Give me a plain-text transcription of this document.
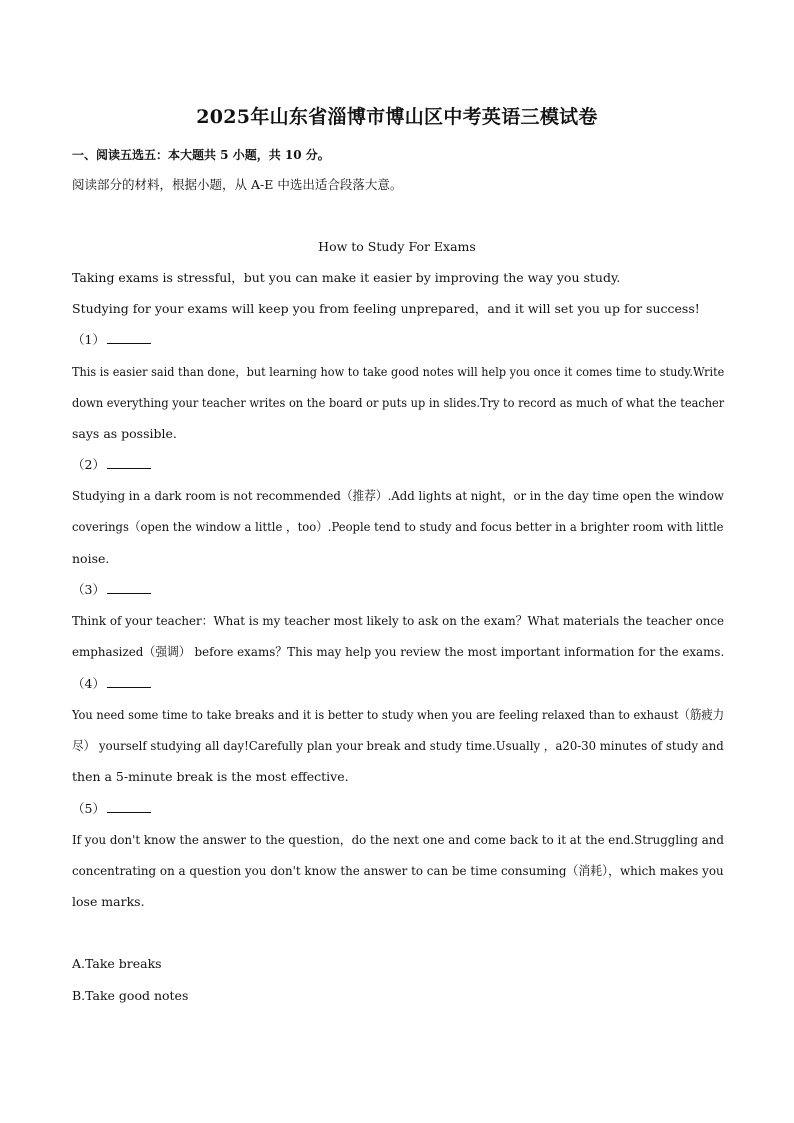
2025年山东省淄博市博山区中考英语三模试卷
一、阅读五选五：本大题共 5 小题，共 10 分。
阅读部分的材料，根据小题，从 A-E 中选出适合段落大意。
How to Study For Exams
Taking exams is stressful，but you can make it easier by improving the way you study.
Studying for your exams will keep you from feeling unprepared，and it will set you up for success!
（1）
This is easier said than done，but learning how to take good notes will help you once it comes time to study.Write
down everything your teacher writes on the board or puts up in slides.Try to record as much of what the teacher
says as possible.
（2）
Studying in a dark room is not recommended（推荐）.Add lights at night，or in the day time open the window
coverings（open the window a little ，too）.People tend to study and focus better in a brighter room with little
noise.
（3）
Think of your teacher：What is my teacher most likely to ask on the exam？What materials the teacher once
emphasized（强调） before exams？This may help you review the most important information for the exams.
（4）
You need some time to take breaks and it is better to study when you are feeling relaxed than to exhaust（筋疲力
尽） yourself studying all day!Carefully plan your break and study time.Usually ，a20-30 minutes of study and
then a 5-minute break is the most effective.
（5）
If you don't know the answer to the question，do the next one and come back to it at the end.Struggling and
concentrating on a question you don't know the answer to can be time consuming（消耗），which makes you
lose marks.
A.Take breaks
B.Take good notes
